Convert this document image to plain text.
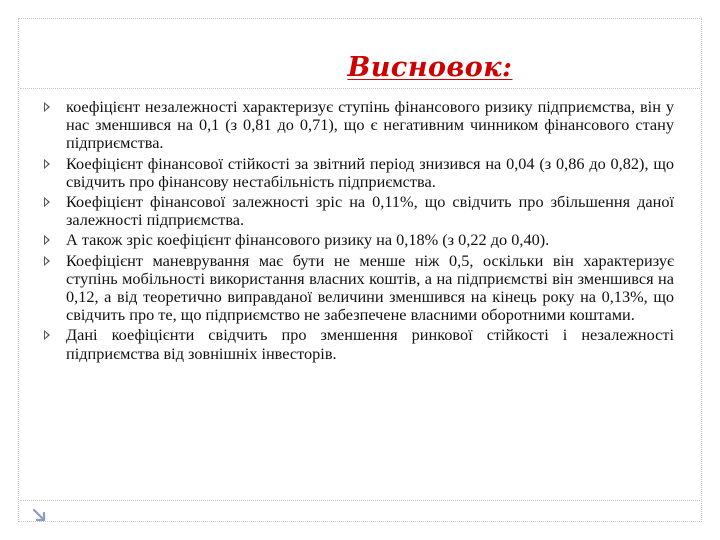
Висновок:
коефіцієнт незалежності характеризує ступінь фінансового ризику підприємства, він у нас зменшився на 0,1 (з 0,81 до 0,71), що є негативним чинником фінансового стану підприємства.
Коефіцієнт фінансової стійкості за звітний період знизився на 0,04 (з 0,86 до 0,82), що свідчить про фінансову нестабільність підприємства.
Коефіцієнт фінансової залежності зріс на 0,11%, що свідчить про збільшення даної залежності підприємства.
А також зріс коефіцієнт фінансового ризику на 0,18% (з 0,22 до 0,40).
Коефіцієнт маневрування має бути не менше ніж 0,5, оскільки він характеризує ступінь мобільності використання власних коштів, а на підприємстві він зменшився на 0,12, а від теоретично виправданої величини зменшився на кінець року на 0,13%, що свідчить про те, що підприємство не забезпечене власними оборотними коштами.
Дані коефіцієнти свідчить про зменшення ринкової стійкості і незалежності підприємства від зовнішніх інвесторів.
